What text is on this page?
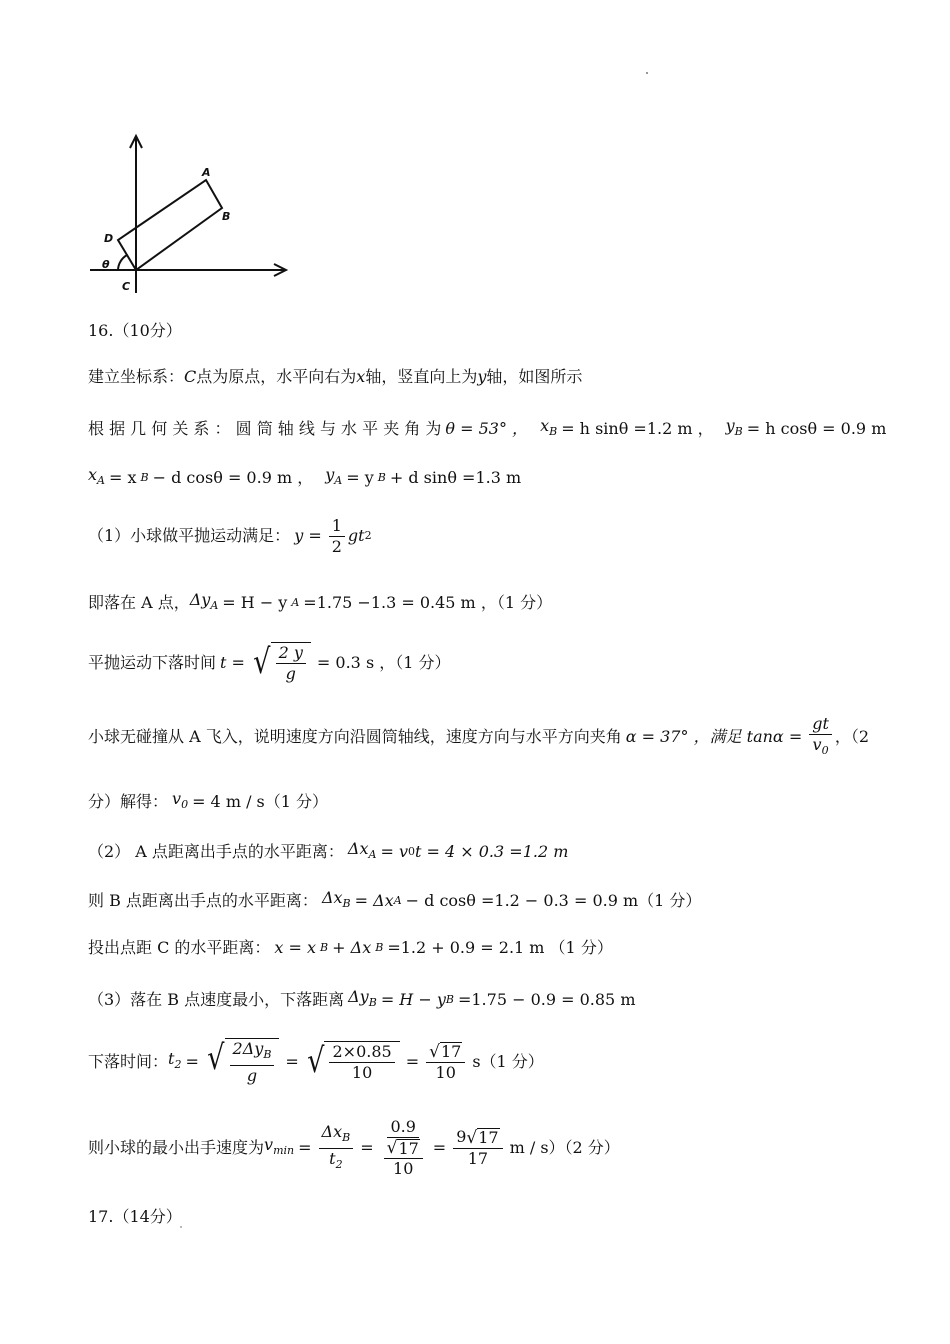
A
B
C
D
θ
16.（10分）
建立坐标系： C 点为原点，水平向右为 x 轴，竖直向上为 y 轴，如图所示
根 据 几 何 关 系 ： 圆 筒 轴 线 与 水 平 夹 角 为 θ = 53° ， $x_B = h$ sinθ =1.2 m ， $y_B = h$ cosθ = 0.9 m
$x_A = x$ B − d cosθ = 0.9 m ， $y_A = y$ B + d sinθ =1.3 m
（1）小球做平抛运动满足： $y = \frac{1}{2}$ gt 2
即落在 A 点， $\Delta y_A = H - y$ A =1.75 −1.3 = 0.45 m ，（1 分）
平抛运动下落时间 t = √ $\frac{2 y}{g} = 0.3$ s ，（1 分）
小球无碰撞从 A 飞入，说明速度方向沿圆筒轴线，速度方向与水平方向夹角 α = 37° ，满足 $\tan\alpha = \frac{gt}{v_0}$ ，（2
分）解得： $v_0 = 4$ m / s（1 分）
（2） A 点距离出手点的水平距离： $\Delta x_A = v$ 0 t = 4 × 0.3 =1.2 m
则 B 点距离出手点的水平距离： $\Delta x_B = \Delta x$ A − d cosθ =1.2 − 0.3 = 0.9 m（1 分）
投出点距 C 的水平距离： x = x B + Δx B =1.2 + 0.9 = 2.1 m （1 分）
（3）落在 B 点速度最小，下落距离 $\Delta y_B = H - y$ B =1.75 − 0.9 = 0.85 m
下落时间： $t_2$ = √ $\frac{2\Delta y_B}{g}$ = √ $\frac{2\times 0.85}{10} = \frac{√ 17}{10} s(1$ 分）
则小球的最小出手速度为 $v_{min} = \frac{\Delta x_B}{t_2} = \frac{0.9}{\frac{√ 17}{10}} = \frac{9 √ 17}{17}$ m / s）（2 分）
17.（14分）
